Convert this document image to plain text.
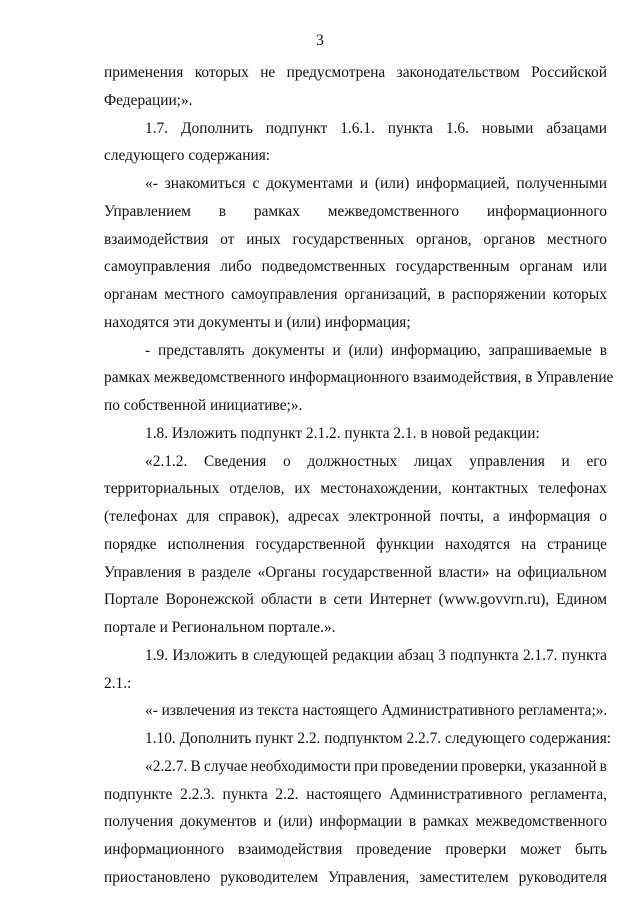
3
применения которых не предусмотрена законодательством Российской
Федерации;».
1.7. Дополнить подпункт 1.6.1. пункта 1.6. новыми абзацами
следующего содержания:
«- знакомиться с документами и (или) информацией, полученными
Управлением в рамках межведомственного информационного
взаимодействия от иных государственных органов, органов местного
самоуправления либо подведомственных государственным органам или
органам местного самоуправления организаций, в распоряжении которых
находятся эти документы и (или) информация;
- представлять документы и (или) информацию, запрашиваемые в
рамках межведомственного информационного взаимодействия, в Управление
по собственной инициативе;».
1.8. Изложить подпункт 2.1.2. пункта 2.1. в новой редакции:
«2.1.2. Сведения о должностных лицах управления и его
территориальных отделов, их местонахождении, контактных телефонах
(телефонах для справок), адресах электронной почты, а информация о
порядке исполнения государственной функции находятся на странице
Управления в разделе «Органы государственной власти» на официальном
Портале Воронежской области в сети Интернет (www.govvrn.ru), Едином
портале и Региональном портале.».
1.9. Изложить в следующей редакции абзац 3 подпункта 2.1.7. пункта
2.1.:
«- извлечения из текста настоящего Административного регламента;».
1.10. Дополнить пункт 2.2. подпунктом 2.2.7. следующего содержания:
«2.2.7. В случае необходимости при проведении проверки, указанной в
подпункте 2.2.3. пункта 2.2. настоящего Административного регламента,
получения документов и (или) информации в рамках межведомственного
информационного взаимодействия проведение проверки может быть
приостановлено руководителем Управления, заместителем руководителя
